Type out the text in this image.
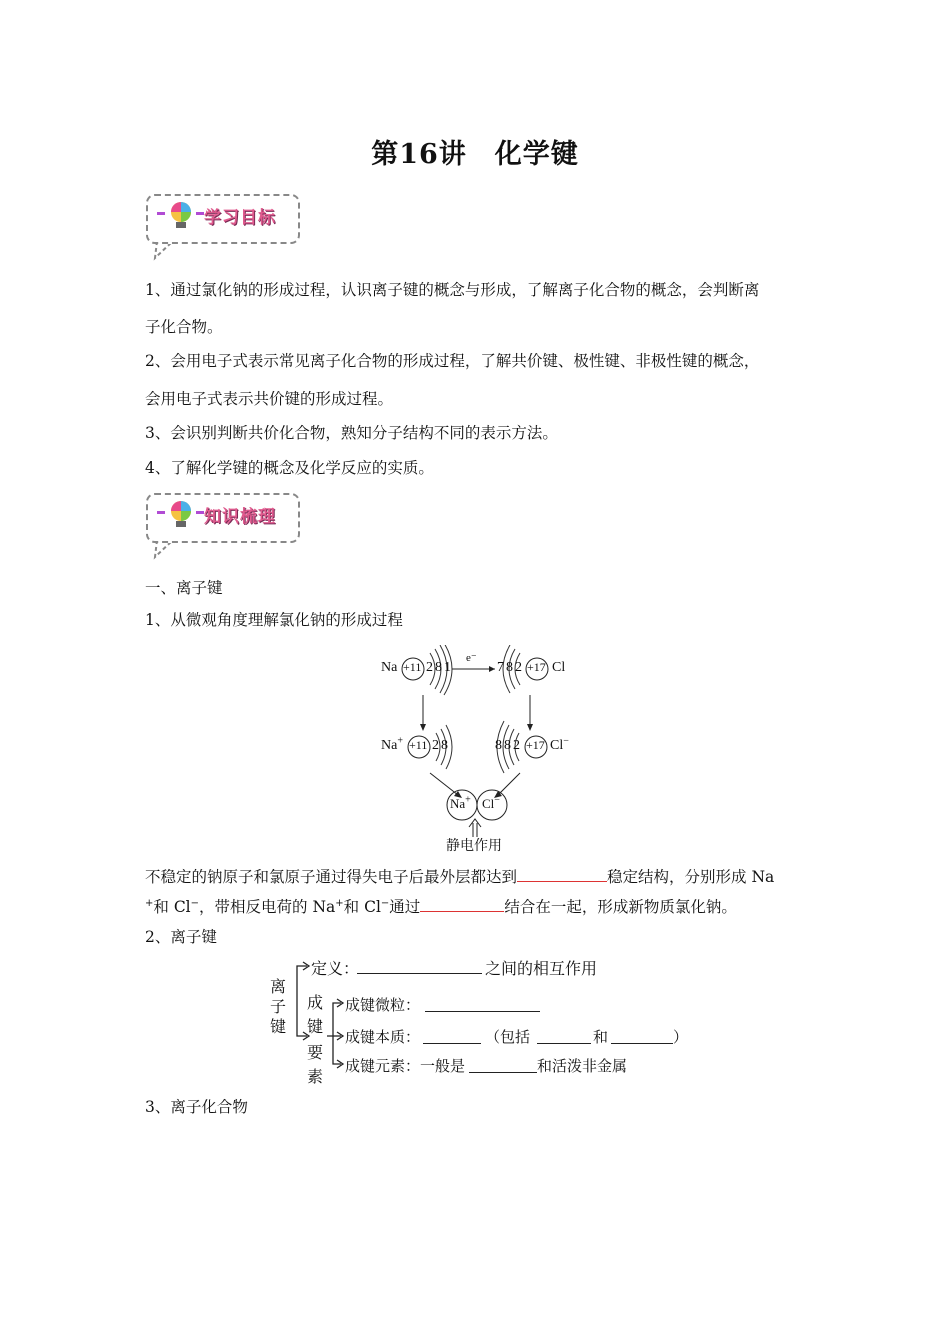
第16讲　化学键
学习目标
1、通过氯化钠的形成过程，认识离子键的概念与形成，了解离子化合物的概念，会判断离
子化合物。
2、会用电子式表示常见离子化合物的形成过程，了解共价键、极性键、非极性键的概念，
会用电子式表示共价键的形成过程。
3、会识别判断共价化合物，熟知分子结构不同的表示方法。
4、了解化学键的概念及化学反应的实质。
知识梳理
一、离子键
1、从微观角度理解氯化钠的形成过程
Na +11 281
e⁻
782 +17 Cl
Na+ +11 28	882 +17 Cl−
Na+ Cl−
静电作用
不稳定的钠原子和氯原子通过得失电子后最外层都达到	稳定结构，分别形成 Na
+和 Cl−，带相反电荷的 Na+和 Cl−通过	结合在一起，形成新物质氯化钠。
2、离子键
离
子
键
定义：	之间的相互作用
成
键
要
素
成键微粒：
成键本质：	（包括	和	）
成键元素：一般是	和活泼非金属
3、离子化合物
